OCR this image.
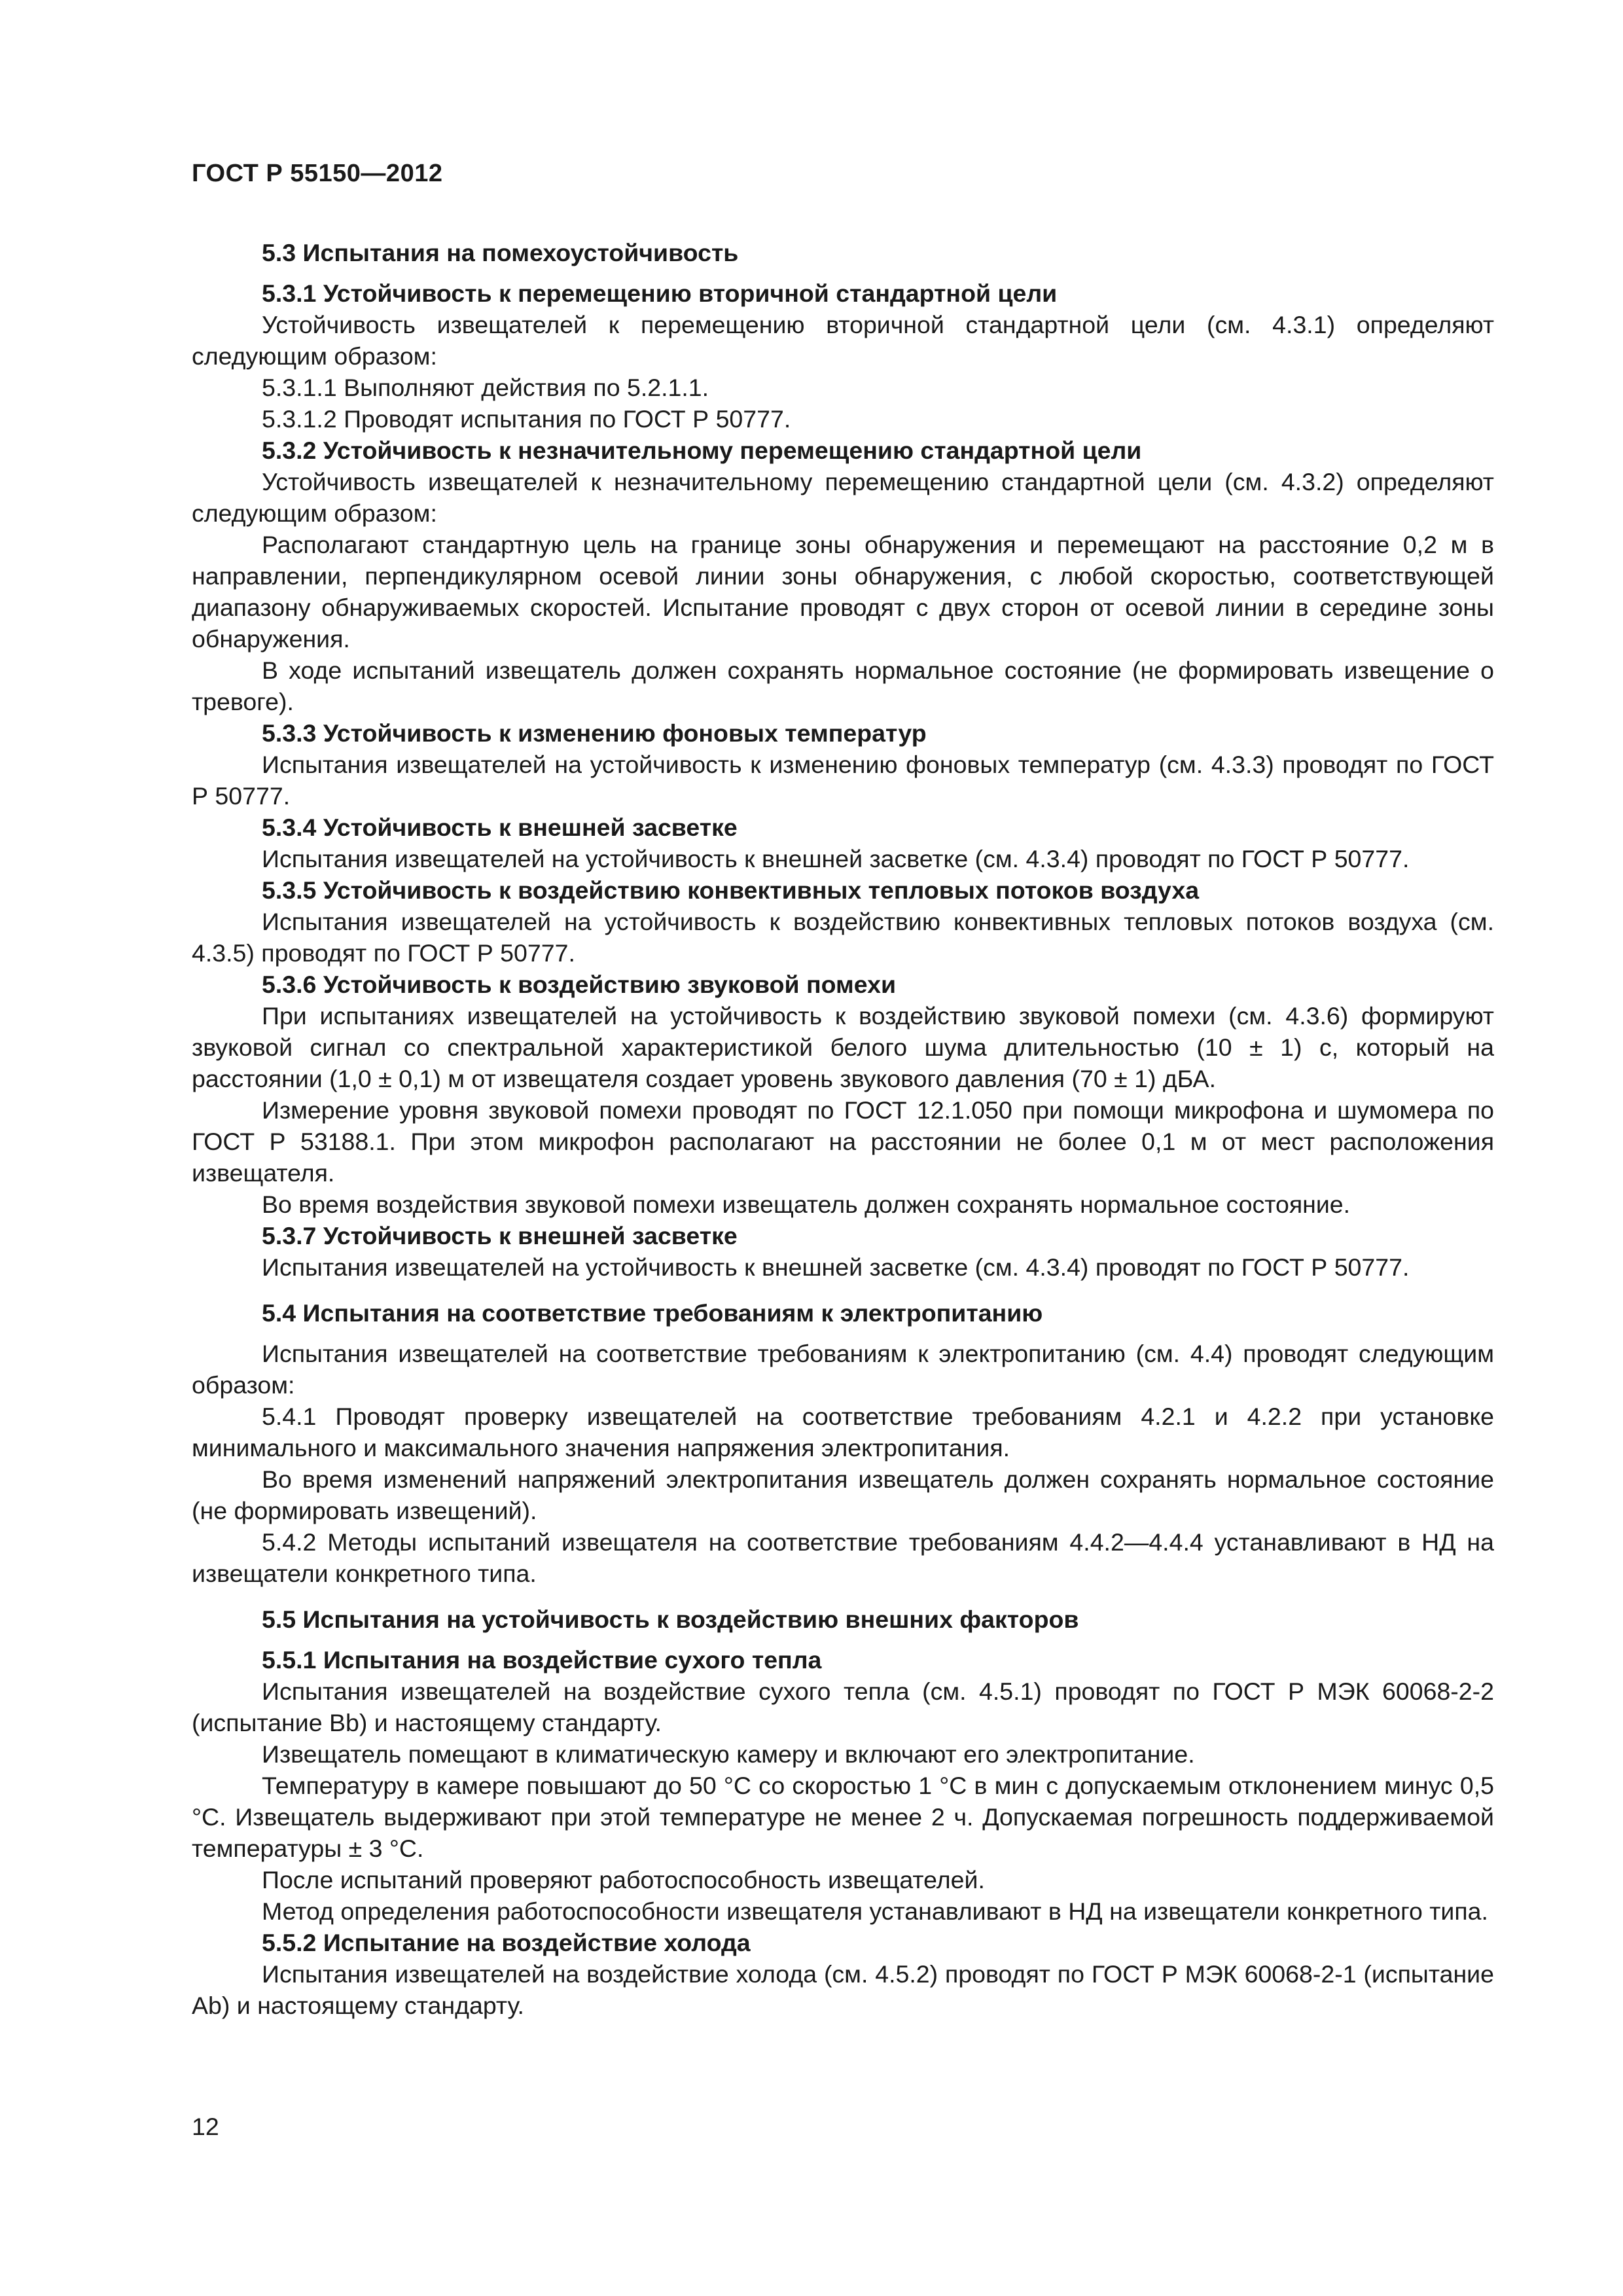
ГОСТ Р 55150—2012

5.3 Испытания на помехоустойчивость

5.3.1 Устойчивость к перемещению вторичной стандартной цели

Устойчивость извещателей к перемещению вторичной стандартной цели (см. 4.3.1) определяют следующим образом:

5.3.1.1 Выполняют действия по 5.2.1.1.

5.3.1.2 Проводят испытания по ГОСТ Р 50777.

5.3.2 Устойчивость к незначительному перемещению стандартной цели

Устойчивость извещателей к незначительному перемещению стандартной цели (см. 4.3.2) определяют следующим образом:

Располагают стандартную цель на границе зоны обнаружения и перемещают на расстояние 0,2 м в направлении, перпендикулярном осевой линии зоны обнаружения, с любой скоростью, соответствующей диапазону обнаруживаемых скоростей. Испытание проводят с двух сторон от осевой линии в середине зоны обнаружения.

В ходе испытаний извещатель должен сохранять нормальное состояние (не формировать извещение о тревоге).

5.3.3 Устойчивость к изменению фоновых температур

Испытания извещателей на устойчивость к изменению фоновых температур (см. 4.3.3) проводят по ГОСТ Р 50777.

5.3.4 Устойчивость к внешней засветке

Испытания извещателей на устойчивость к внешней засветке (см. 4.3.4) проводят по ГОСТ Р 50777.

5.3.5 Устойчивость к воздействию конвективных тепловых потоков воздуха

Испытания извещателей на устойчивость к воздействию конвективных тепловых потоков воздуха (см. 4.3.5) проводят по ГОСТ Р 50777.

5.3.6 Устойчивость к воздействию звуковой помехи

При испытаниях извещателей на устойчивость к воздействию звуковой помехи (см. 4.3.6) формируют звуковой сигнал со спектральной характеристикой белого шума длительностью (10 ± 1) с, который на расстоянии (1,0 ± 0,1) м от извещателя создает уровень звукового давления (70 ± 1) дБА.

Измерение уровня звуковой помехи проводят по ГОСТ 12.1.050 при помощи микрофона и шумомера по ГОСТ Р 53188.1. При этом микрофон располагают на расстоянии не более 0,1 м от мест расположения извещателя.

Во время воздействия звуковой помехи извещатель должен сохранять нормальное состояние.

5.3.7 Устойчивость к внешней засветке

Испытания извещателей на устойчивость к внешней засветке (см. 4.3.4) проводят по ГОСТ Р 50777.

5.4 Испытания на соответствие требованиям к электропитанию

Испытания извещателей на соответствие требованиям к электропитанию (см. 4.4) проводят следующим образом:

5.4.1 Проводят проверку извещателей на соответствие требованиям 4.2.1 и 4.2.2 при установке минимального и максимального значения напряжения электропитания.

Во время изменений напряжений электропитания извещатель должен сохранять нормальное состояние (не формировать извещений).

5.4.2 Методы испытаний извещателя на соответствие требованиям 4.4.2—4.4.4 устанавливают в НД на извещатели конкретного типа.

5.5 Испытания на устойчивость к воздействию внешних факторов

5.5.1 Испытания на воздействие сухого тепла

Испытания извещателей на воздействие сухого тепла (см. 4.5.1) проводят по ГОСТ Р МЭК 60068-2-2 (испытание Bb) и настоящему стандарту.

Извещатель помещают в климатическую камеру и включают его электропитание.

Температуру в камере повышают до 50 °C со скоростью 1 °C в мин с допускаемым отклонением минус 0,5 °C. Извещатель выдерживают при этой температуре не менее 2 ч. Допускаемая погрешность поддерживаемой температуры ± 3 °C.

После испытаний проверяют работоспособность извещателей.

Метод определения работоспособности извещателя устанавливают в НД на извещатели конкретного типа.

5.5.2 Испытание на воздействие холода

Испытания извещателей на воздействие холода (см. 4.5.2) проводят по ГОСТ Р МЭК 60068-2-1 (испытание Ab) и настоящему стандарту.

12
